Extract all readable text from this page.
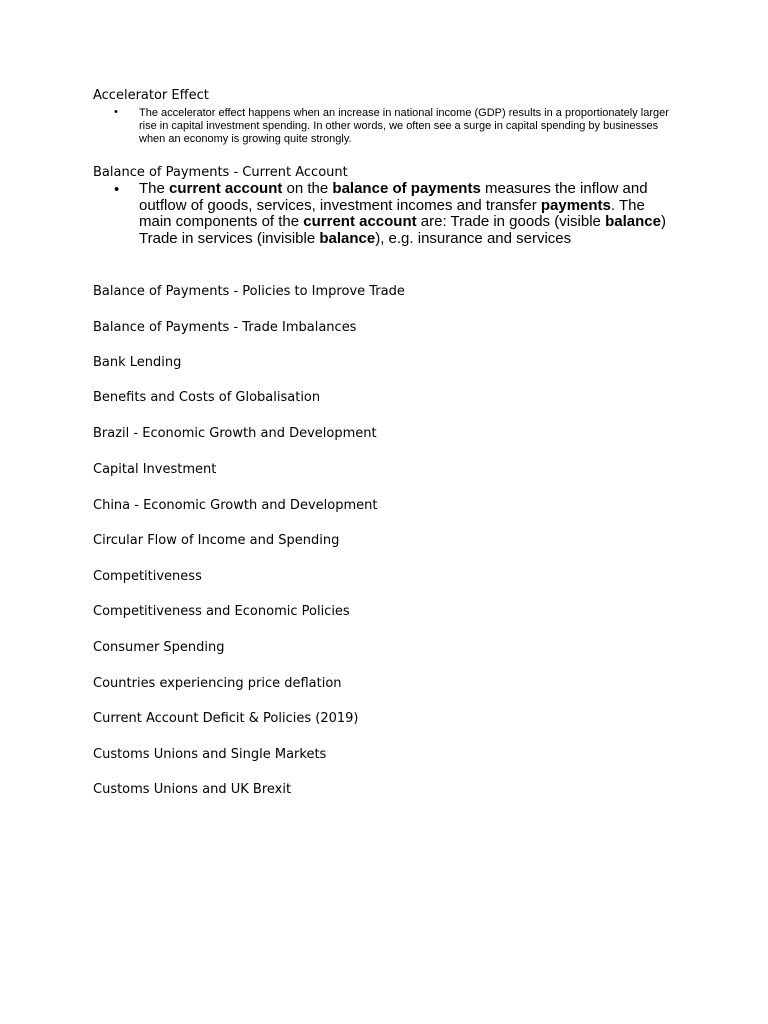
Accelerator Effect
• The accelerator effect happens when an increase in national income (GDP) results in a proportionately larger rise in capital investment spending. In other words, we often see a surge in capital spending by businesses when an economy is growing quite strongly.
Balance of Payments - Current Account
• The current account on the balance of payments measures the inflow and outflow of goods, services, investment incomes and transfer payments. The main components of the current account are: Trade in goods (visible balance) Trade in services (invisible balance), e.g. insurance and services
Balance of Payments - Policies to Improve Trade
Balance of Payments - Trade Imbalances
Bank Lending
Benefits and Costs of Globalisation
Brazil - Economic Growth and Development
Capital Investment
China - Economic Growth and Development
Circular Flow of Income and Spending
Competitiveness
Competitiveness and Economic Policies
Consumer Spending
Countries experiencing price deflation
Current Account Deficit & Policies (2019)
Customs Unions and Single Markets
Customs Unions and UK Brexit
